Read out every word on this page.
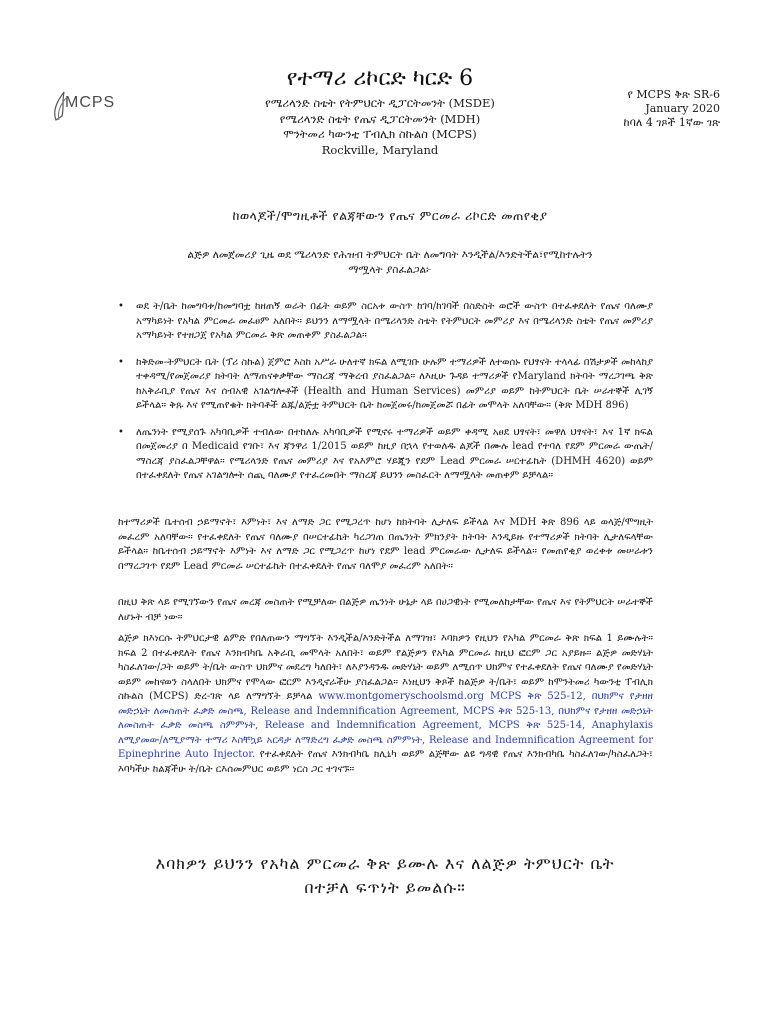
MCPS
የተማሪ ሪኮርድ ካርድ 6
የሜሪላንድ ስቴት የትምህርት ዲፓርትመንት (MSDE)
የሜሪላንድ ስቴት የጤና ዲፓርትመንት (MDH)
ሞንትመሪ ካውንቲ ፐብሊክ ስኩልስ (MCPS)
Rockville, Maryland
የ MCPS ቅጽ SR-6
January 2020
ከባለ 4 ገጾች 1ኛው ገጽ
ከወላጆች/ሞግዚቶች የልጃቸውን የጤና ምርመራ ሪኮርድ መጠየቂያ
ልጅዎ ለመጀመሪያ ጊዜ ወደ ሜሪላንድ የሕዝብ ትምህርት ቤት ለመግባት እንዲችል/እንድትችል፣የሚከተሉትን ማሟላት ያስፈልጋል፦
• ወደ ት/ቤት ከመግባቱ/ከመግባቷ ከዘጠኝ ወራት በፊት ወይም ስርአቱ ውስጥ ከገባ/ከገባች በስድስት ወሮች ውስጥ በተፈቀደለት የጤና ባለሙያ አማካይነት የአካል ምርመራ መፈፀም አለበት። ይህንን ለማሟላት በሜሪላንድ ስቴት የትምህርት መምሪያ እና በሜሪላንድ ስቴት የጤና መምሪያ አማካይነት የተዘጋጀ የአካል ምርመራ ቅጽ መጠቀም ያስፈልጋል።
• ከቅድመ-ትምህርት ቤት (ፕሪ ስኩል) ጀምሮ እስከ አሥራ ሁለተኛ ክፍል ለሚገቡ ሁሉም ተማሪዎች ለተወሰኑ የህፃናት ተላላፊ በሽታዎች መከላከያ ተቀዳሚ/የመጀመሪያ ክትባት ለማጠናቀቃቸው ማስረጃ ማቅረብ ያስፈልጋል። ለእዚሁ ጉዳይ ተማሪዎች የMaryland ክትባት ማረጋገጫ ቅጽ ከአቅራቢያ የጤና እና ሰብአዊ አገልግሎቶች (Health and Human Services) መምሪያ ወይም ከትምህርት ቤት ሠራተኞች ሊገኝ ይችላል። ቅጹ እና የሚጠየቁት ክትባቶች ልጁ/ልጅቷ ትምህርት ቤት ከመጀመሩ/ከመጀመሯ በፊት መሞላት አለባቸው። (ቅጽ MDH 896)
• ለጤንነት የሚያሰጉ አካባቢዎች ተብለው በተከለሉ አካባቢዎች የሚኖሩ ተማሪዎች ወይም ቀዳሚ አፀደ ህፃናት፣ መዋለ ህፃናት፣ እና 1ኛ ክፍል በመጀመሪያ በ Medicaid የገቡ፣ እና ጃንዋሪ 1/2015 ወይም ከዚያ በኋላ የተወለዱ ልጆች በሙሉ lead የተባለ የደም ምርመራ ውጤት/ማስረጃ ያስፈልጋቸዋል። የሜሪላንድ የጤና መምሪያ እና የአእምሮ ሃይጂን የደም Lead ምርመራ ሠርተፊኬት (DHMH 4620) ወይም በተፈቀደለት የጤና አገልግሎት ሰጪ ባለሙያ የተፈረመበት ማስረጃ ይህንን መስፈርት ለማሟላት መጠቀም ይቻላል።

ከተማሪዎች ቤተሰብ ኃይማኖት፣ እምነት፣ እና ለማድ ጋር የሚጋረጥ ከሆነ ከክትባት ሊታለፍ ይችላል እና MDH ቅጽ 896 ላይ ወላጅ/ሞግዚት መፈረም አለባቸው። የተፈቀደለት የጤና ባለሙያ በሠርተፊኬት ካረጋገጠ በጤንነት ምክንያት ክትባት እንዲይዙ የተማሪዎች ክትባት ሊታለፍላቸው ይችላል። ከቤተሰብ ኃይማኖት እምነት እና ለማድ ጋር የሚጋረጥ ከሆነ የደም lead ምርመራው ሊታለፍ ይችላል። የመጠየቂያ ወረቀቱ መሠራቱን በማረጋገጥ የደም Lead ምርመራ ሠርተፊኬት በተፈቀደለት የጤና ባለሞያ መፈረም አለበት።

በዚህ ቅጽ ላይ የሚገኘውን የጤና መረጃ መስጠት የሚቻለው በልጅዎ ጤንነት ሁኔታ ላይ በሀጋዊነት የሚመለከታቸው የጤና እና የትምህርት ሠራተኞች ለሆኑት ብቻ ነው።

ልጅዎ ክእነርሱ ትምህርታዊ ልምድ የበለጠውን ማግኘት እንዲችል/እንድትችል ለማገዝ፣ እባክዎን የዚህን የአካል ምርመራ ቅጽ ክፍል 1 ይሙሉት። ክፍል 2 በተፈቀደለት የጤና እንክብካቤ አቅራቢ መሞላት አለበት፣ ወይም የልጅዎን የአካል ምርመራ ከዚህ ፎርም ጋር አያይዙ። ልጅዎ መድሃኒት ካስፈለገው/ጋት ወይም ት/ቤት ውስጥ ህክምና መደረግ ካለበት፣ ለእያንዳንዱ መድሃኒት ወይም ለሚሰጥ ህክምና የተፈቀደለት የጤና ባለሙያ የመድሃኒት ወይም መከናወን ስላለበት ህክምና የሞላው ፎርም እንዲኖራችሁ ያስፈልጋል። እነዚህን ቅጾች ከልጅዎ ት/ቤት፣ ወይም ከሞንትመሪ ካውንቲ ፐብሊክ ስኩልስ (MCPS) ድረ-ገጽ ላይ ለማግኘት ይቻላል www.montgomeryschoolsmd.org MCPS ቅጽ 525-12, በህክምና የታዘዘ መድኃኒት ለመስጠት ፈቃድ መስጫ, Release and Indemnification Agreement, MCPS ቅጽ 525-13, በህክምና የታዘዘ መድኃኒት ለመስጠት ፈቃድ መስጫ ስምምነት, Release and Indemnification Agreement, MCPS ቅጽ 525-14, Anaphylaxis ለሚያመው/ለሚያማት ተማሪ እስቸኳይ አርዳታ ለማድረግ ፈቃድ መስጫ ስምምነት, Release and Indemnification Agreement for Epinephrine Auto Injector. የተፈቀደለት የጤና እንክብካቤ ክሊኒካ ወይም ልጅቸው ልዩ ግዳዊ የጤና እንክብካቤ ካስፈለገው/ካስፈለጋት፣ እባካችሁ ከልጃችሁ ት/ቤት ርእሰመምህር ወይም ነርስ ጋር ተገናኙ።

እባክዎን ይህንን የአካል ምርመራ ቅጽ ይሙሉ እና ለልጅዎ ትምህርት ቤት በተቻለ ፍጥነት ይመልሱ።
